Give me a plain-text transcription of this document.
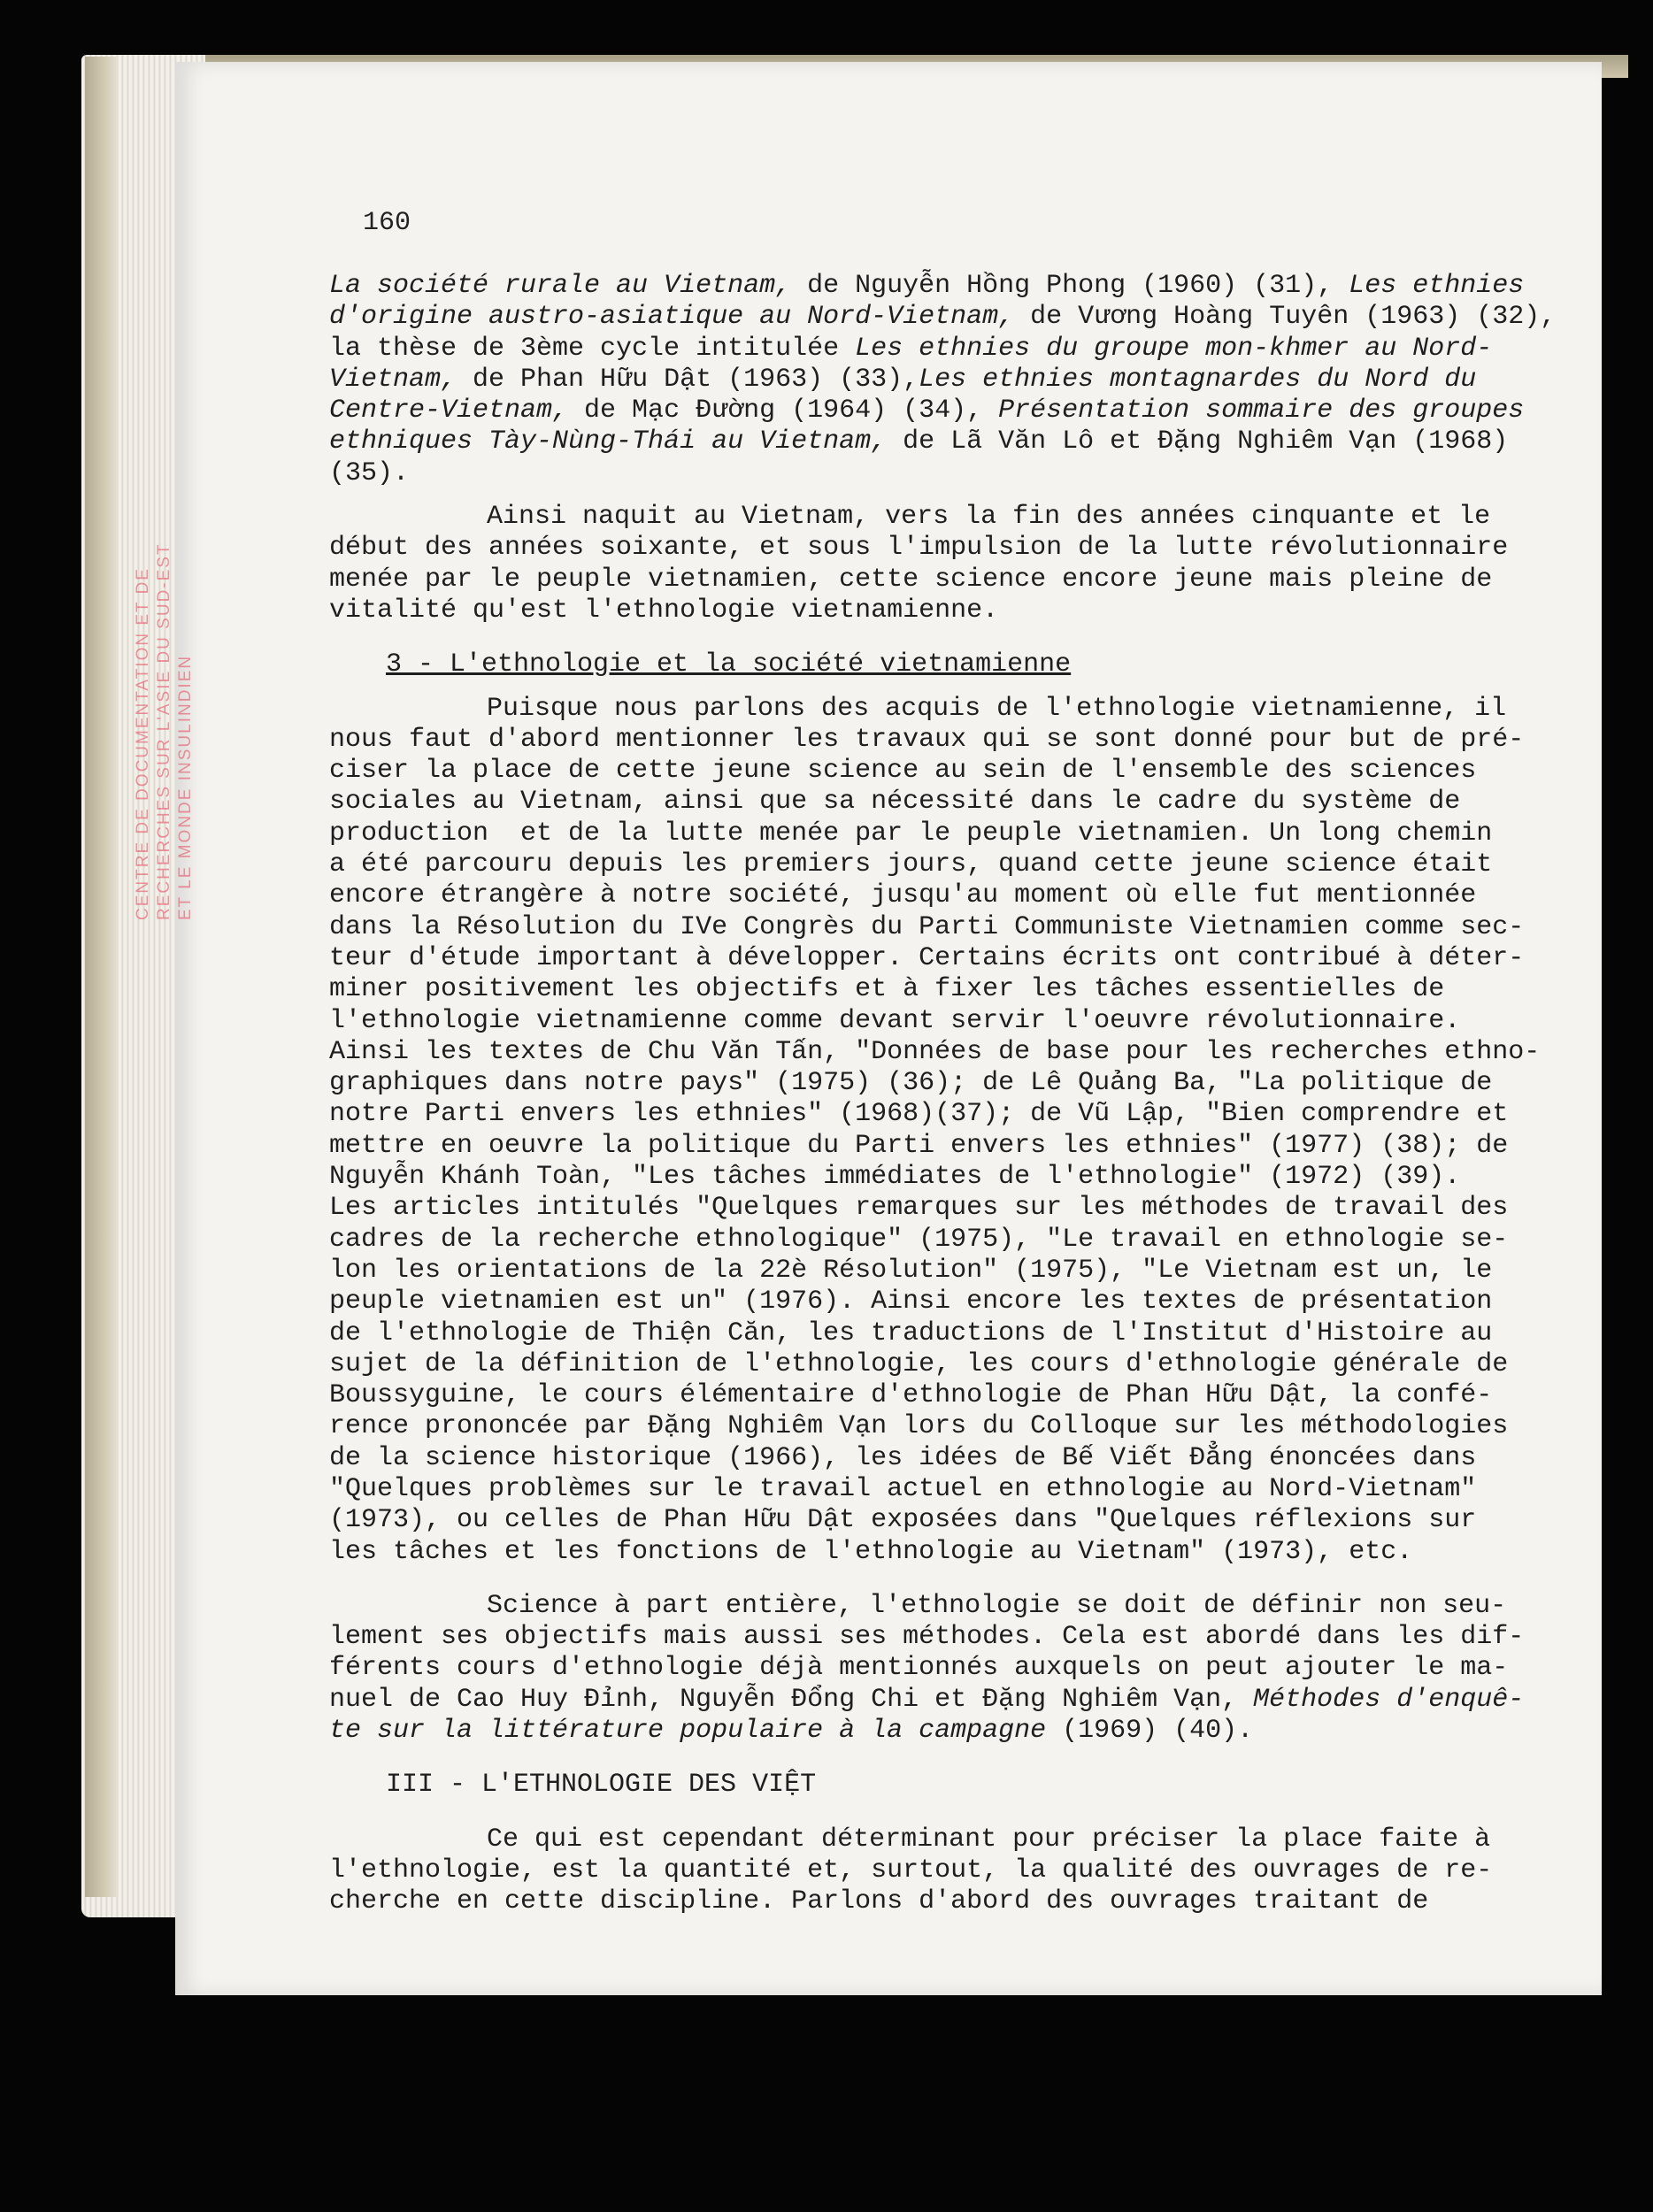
160
La société rurale au Vietnam, de Nguyễn Hồng Phong (1960) (31), Les ethnies
d'origine austro-asiatique au Nord-Vietnam, de Vương Hoàng Tuyên (1963) (32),
la thèse de 3ème cycle intitulée Les ethnies du groupe mon-khmer au Nord-
Vietnam, de Phan Hữu Dật (1963) (33),Les ethnies montagnardes du Nord du
Centre-Vietnam, de Mạc Đường (1964) (34), Présentation sommaire des groupes
ethniques Tày-Nùng-Thái au Vietnam, de Lã Văn Lô et Đặng Nghiêm Vạn (1968)
(35).
Ainsi naquit au Vietnam, vers la fin des années cinquante et le
début des années soixante, et sous l'impulsion de la lutte révolutionnaire
menée par le peuple vietnamien, cette science encore jeune mais pleine de
vitalité qu'est l'ethnologie vietnamienne.
3 - L'ethnologie et la société vietnamienne
Puisque nous parlons des acquis de l'ethnologie vietnamienne, il
nous faut d'abord mentionner les travaux qui se sont donné pour but de pré-
ciser la place de cette jeune science au sein de l'ensemble des sciences
sociales au Vietnam, ainsi que sa nécessité dans le cadre du système de
production  et de la lutte menée par le peuple vietnamien. Un long chemin
a été parcouru depuis les premiers jours, quand cette jeune science était
encore étrangère à notre société, jusqu'au moment où elle fut mentionnée
dans la Résolution du IVe Congrès du Parti Communiste Vietnamien comme sec-
teur d'étude important à développer. Certains écrits ont contribué à déter-
miner positivement les objectifs et à fixer les tâches essentielles de
l'ethnologie vietnamienne comme devant servir l'oeuvre révolutionnaire.
Ainsi les textes de Chu Văn Tấn, "Données de base pour les recherches ethno-
graphiques dans notre pays" (1975) (36); de Lê Quảng Ba, "La politique de
notre Parti envers les ethnies" (1968)(37); de Vũ Lập, "Bien comprendre et
mettre en oeuvre la politique du Parti envers les ethnies" (1977) (38); de
Nguyễn Khánh Toàn, "Les tâches immédiates de l'ethnologie" (1972) (39).
Les articles intitulés "Quelques remarques sur les méthodes de travail des
cadres de la recherche ethnologique" (1975), "Le travail en ethnologie se-
lon les orientations de la 22è Résolution" (1975), "Le Vietnam est un, le
peuple vietnamien est un" (1976). Ainsi encore les textes de présentation
de l'ethnologie de Thiện Căn, les traductions de l'Institut d'Histoire au
sujet de la définition de l'ethnologie, les cours d'ethnologie générale de
Boussyguine, le cours élémentaire d'ethnologie de Phan Hữu Dật, la confé-
rence prononcée par Đặng Nghiêm Vạn lors du Colloque sur les méthodologies
de la science historique (1966), les idées de Bế Viết Đẳng énoncées dans
"Quelques problèmes sur le travail actuel en ethnologie au Nord-Vietnam"
(1973), ou celles de Phan Hữu Dật exposées dans "Quelques réflexions sur
les tâches et les fonctions de l'ethnologie au Vietnam" (1973), etc.
Science à part entière, l'ethnologie se doit de définir non seu-
lement ses objectifs mais aussi ses méthodes. Cela est abordé dans les dif-
férents cours d'ethnologie déjà mentionnés auxquels on peut ajouter le ma-
nuel de Cao Huy Đỉnh, Nguyễn Đổng Chi et Đặng Nghiêm Vạn, Méthodes d'enquê-
te sur la littérature populaire à la campagne (1969) (40).
III - L'ETHNOLOGIE DES VIỆT
Ce qui est cependant déterminant pour préciser la place faite à
l'ethnologie, est la quantité et, surtout, la qualité des ouvrages de re-
cherche en cette discipline. Parlons d'abord des ouvrages traitant de
